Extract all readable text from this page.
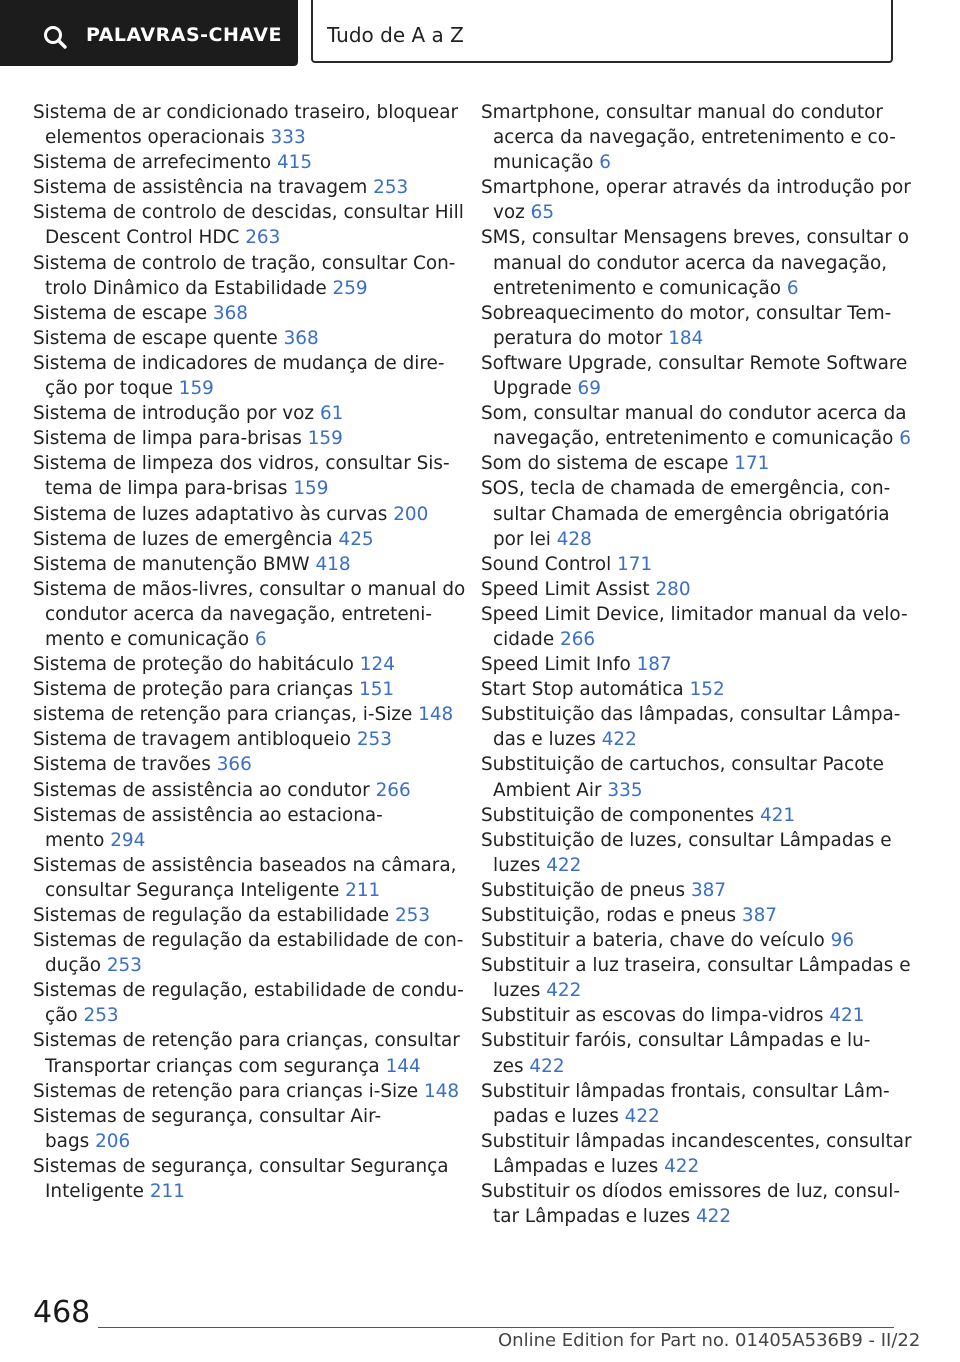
PALAVRAS-CHAVE Tudo de A a Z
Sistema de ar condicionado traseiro, bloquear
elementos operacionais 333
Sistema de arrefecimento 415
Sistema de assistência na travagem 253
Sistema de controlo de descidas, consultar Hill
Descent Control HDC 263
Sistema de controlo de tração, consultar Con-
trolo Dinâmico da Estabilidade 259
Sistema de escape 368
Sistema de escape quente 368
Sistema de indicadores de mudança de dire-
ção por toque 159
Sistema de introdução por voz 61
Sistema de limpa para-brisas 159
Sistema de limpeza dos vidros, consultar Sis-
tema de limpa para-brisas 159
Sistema de luzes adaptativo às curvas 200
Sistema de luzes de emergência 425
Sistema de manutenção BMW 418
Sistema de mãos-livres, consultar o manual do
condutor acerca da navegação, entreteni-
mento e comunicação 6
Sistema de proteção do habitáculo 124
Sistema de proteção para crianças 151
sistema de retenção para crianças, i-Size 148
Sistema de travagem antibloqueio 253
Sistema de travões 366
Sistemas de assistência ao condutor 266
Sistemas de assistência ao estaciona-
mento 294
Sistemas de assistência baseados na câmara,
consultar Segurança Inteligente 211
Sistemas de regulação da estabilidade 253
Sistemas de regulação da estabilidade de con-
dução 253
Sistemas de regulação, estabilidade de condu-
ção 253
Sistemas de retenção para crianças, consultar
Transportar crianças com segurança 144
Sistemas de retenção para crianças i-Size 148
Sistemas de segurança, consultar Air-
bags 206
Sistemas de segurança, consultar Segurança
Inteligente 211
Smartphone, consultar manual do condutor
acerca da navegação, entretenimento e co-
municação 6
Smartphone, operar através da introdução por
voz 65
SMS, consultar Mensagens breves, consultar o
manual do condutor acerca da navegação,
entretenimento e comunicação 6
Sobreaquecimento do motor, consultar Tem-
peratura do motor 184
Software Upgrade, consultar Remote Software
Upgrade 69
Som, consultar manual do condutor acerca da
navegação, entretenimento e comunicação 6
Som do sistema de escape 171
SOS, tecla de chamada de emergência, con-
sultar Chamada de emergência obrigatória
por lei 428
Sound Control 171
Speed Limit Assist 280
Speed Limit Device, limitador manual da velo-
cidade 266
Speed Limit Info 187
Start Stop automática 152
Substituição das lâmpadas, consultar Lâmpa-
das e luzes 422
Substituição de cartuchos, consultar Pacote
Ambient Air 335
Substituição de componentes 421
Substituição de luzes, consultar Lâmpadas e
luzes 422
Substituição de pneus 387
Substituição, rodas e pneus 387
Substituir a bateria, chave do veículo 96
Substituir a luz traseira, consultar Lâmpadas e
luzes 422
Substituir as escovas do limpa-vidros 421
Substituir faróis, consultar Lâmpadas e lu-
zes 422
Substituir lâmpadas frontais, consultar Lâm-
padas e luzes 422
Substituir lâmpadas incandescentes, consultar
Lâmpadas e luzes 422
Substituir os díodos emissores de luz, consul-
tar Lâmpadas e luzes 422
468
Online Edition for Part no. 01405A536B9 - II/22
